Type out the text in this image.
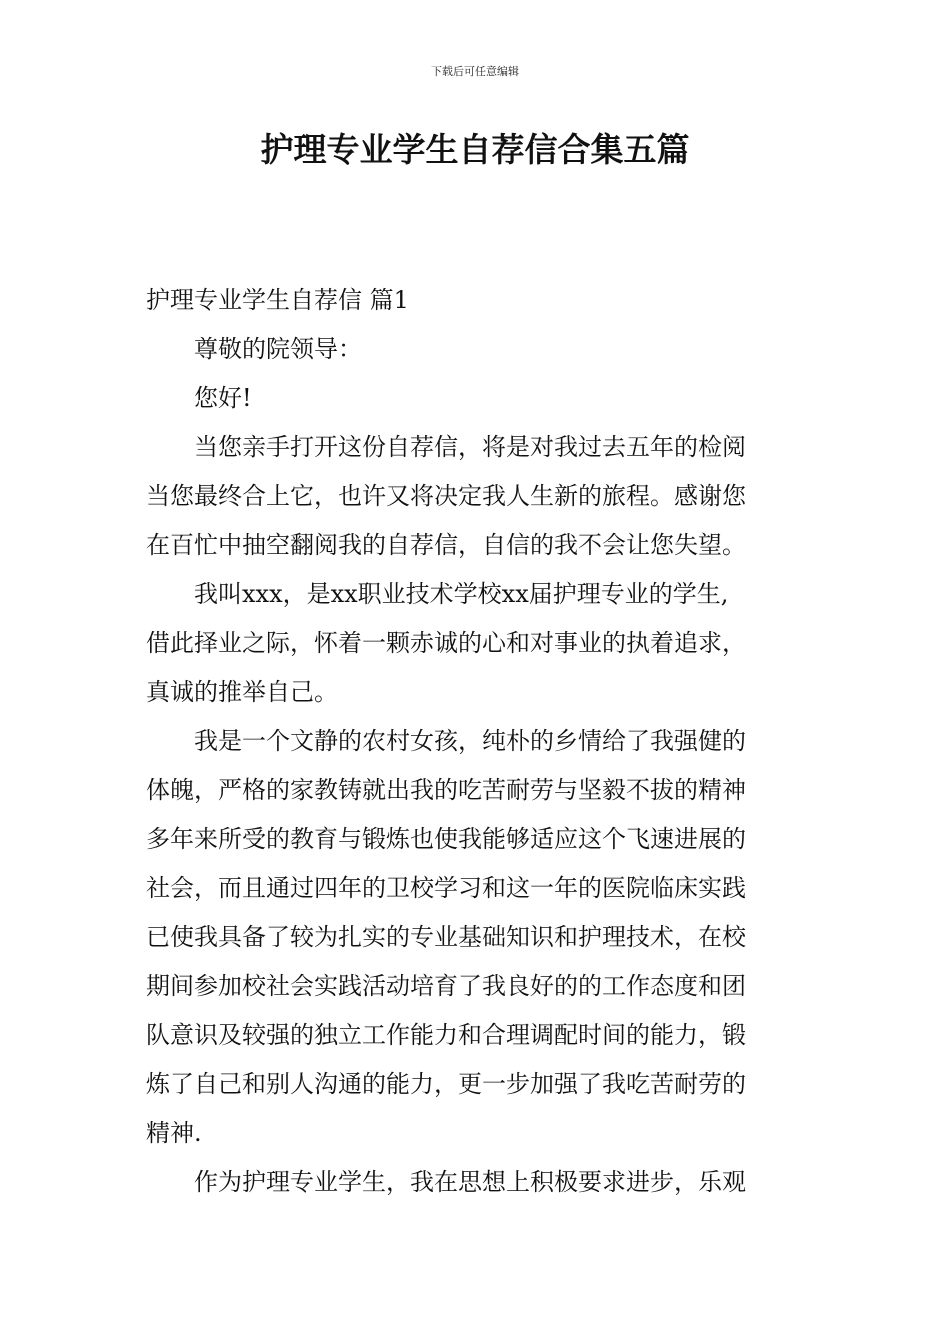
下载后可任意编辑
护理专业学生自荐信合集五篇

护理专业学生自荐信 篇1

尊敬的院领导：

您好!

当您亲手打开这份自荐信，将是对我过去五年的检阅
当您最终合上它，也许又将决定我人生新的旅程。感谢您
在百忙中抽空翻阅我的自荐信，自信的我不会让您失望。
我叫xxx，是xx职业技术学校xx届护理专业的学生,
借此择业之际，怀着一颗赤诚的心和对事业的执着追求，
真诚的推举自己。
我是一个文静的农村女孩，纯朴的乡情给了我强健的
体魄，严格的家教铸就出我的吃苦耐劳与坚毅不拔的精神
多年来所受的教育与锻炼也使我能够适应这个飞速进展的
社会，而且通过四年的卫校学习和这一年的医院临床实践
已使我具备了较为扎实的专业基础知识和护理技术，在校
期间参加校社会实践活动培育了我良好的的工作态度和团
队意识及较强的独立工作能力和合理调配时间的能力，锻
炼了自己和别人沟通的能力，更一步加强了我吃苦耐劳的
精神.
作为护理专业学生，我在思想上积极要求进步，乐观
